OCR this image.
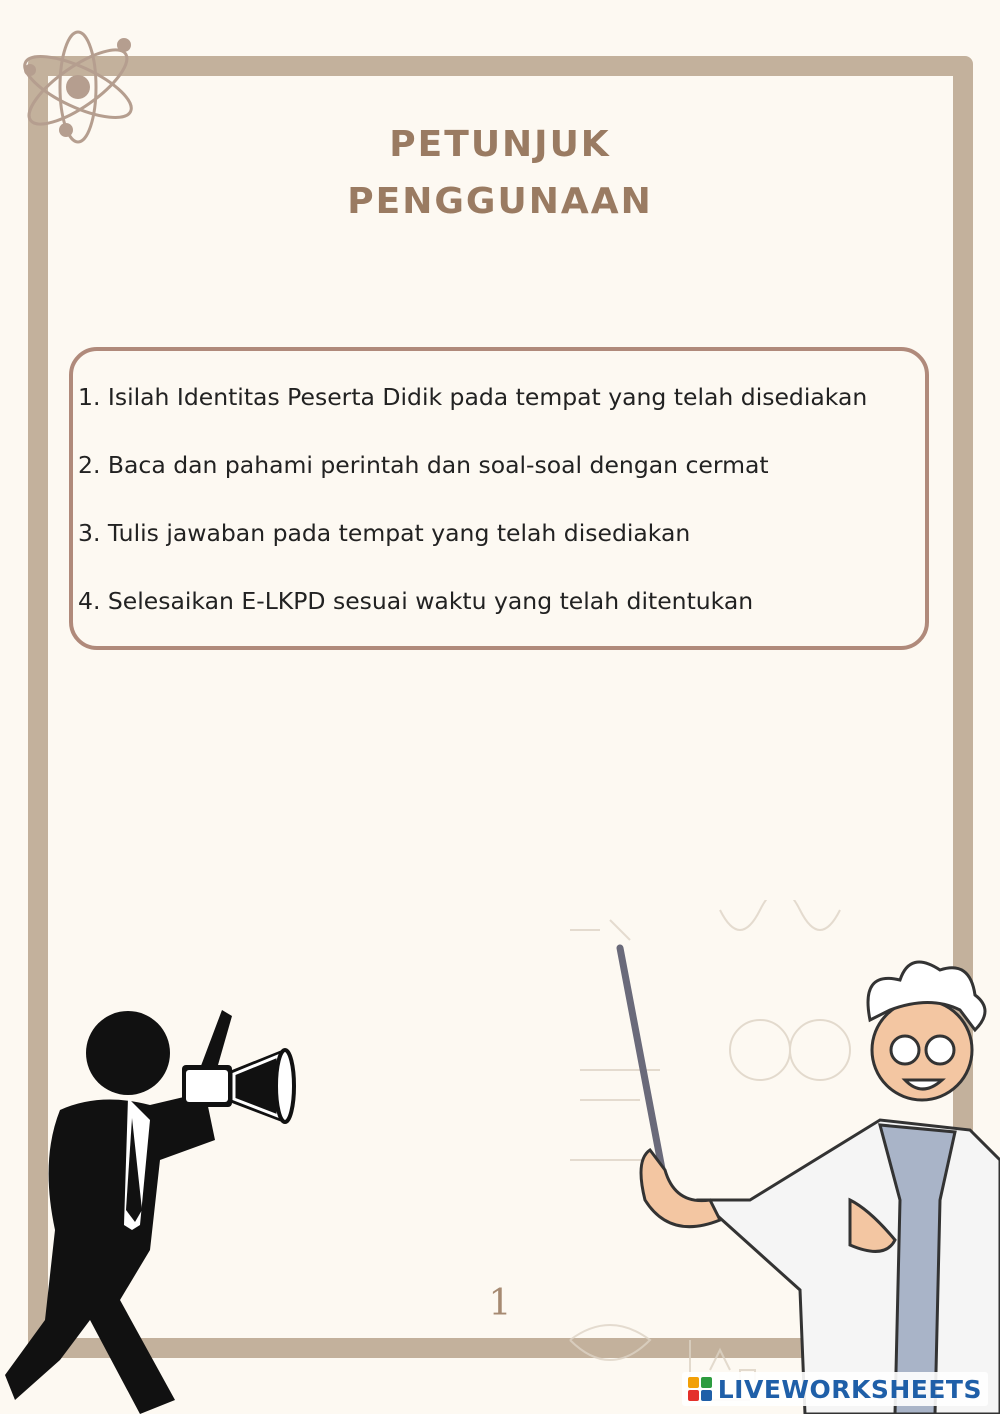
PETUNJUK
PENGGUNAAN
1. Isilah Identitas Peserta Didik pada tempat yang telah disediakan
2. Baca dan pahami perintah dan soal-soal dengan cermat
3. Tulis jawaban pada tempat yang telah disediakan
4. Selesaikan E-LKPD sesuai waktu yang telah ditentukan
1
LIVEWORKSHEETS
